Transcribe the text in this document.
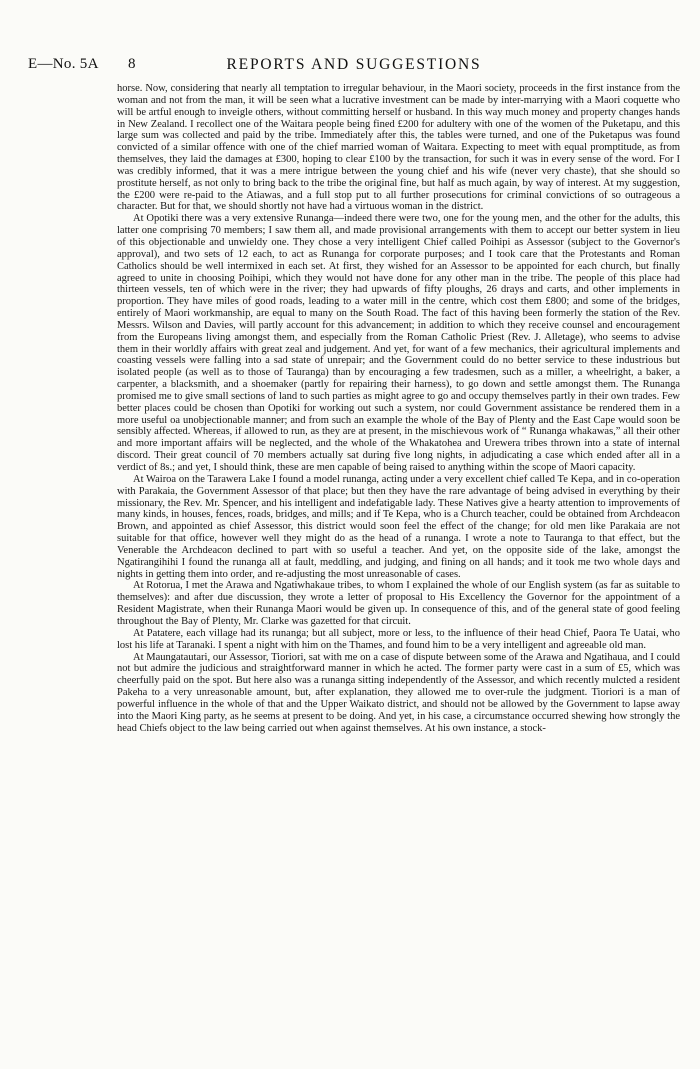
E—No. 5A 8	REPORTS AND SUGGESTIONS

horse. Now, considering that nearly all temptation to irregular behaviour, in the Maori society, proceeds in the first instance from the woman and not from the man, it will be seen what a lucrative investment can be made by inter-marrying with a Maori coquette who will be artful enough to inveigle others, without committing herself or husband. In this way much money and property changes hands in New Zealand. I recollect one of the Waitara people being fined £200 for adultery with one of the women of the Puketapu, and this large sum was collected and paid by the tribe. Immediately after this, the tables were turned, and one of the Puketapus was found convicted of a similar offence with one of the chief married woman of Waitara. Expecting to meet with equal promptitude, as from themselves, they laid the damages at £300, hoping to clear £100 by the transaction, for such it was in every sense of the word. For I was credibly informed, that it was a mere intrigue between the young chief and his wife (never very chaste), that she should so prostitute herself, as not only to bring back to the tribe the original fine, but half as much again, by way of interest. At my suggestion, the £200 were re-paid to the Atiawas, and a full stop put to all further prosecutions for criminal convictions of so outrageous a character. But for that, we should shortly not have had a virtuous woman in the district.

At Opotiki there was a very extensive Runanga—indeed there were two, one for the young men, and the other for the adults, this latter one comprising 70 members; I saw them all, and made provisional arrangements with them to accept our better system in lieu of this objectionable and unwieldy one. They chose a very intelligent Chief called Poihipi as Assessor (subject to the Governor's approval), and two sets of 12 each, to act as Runanga for corporate purposes; and I took care that the Protestants and Roman Catholics should be well intermixed in each set. At first, they wished for an Assessor to be appointed for each church, but finally agreed to unite in choosing Poihipi, which they would not have done for any other man in the tribe. The people of this place had thirteen vessels, ten of which were in the river; they had upwards of fifty ploughs, 26 drays and carts, and other implements in proportion. They have miles of good roads, leading to a water mill in the centre, which cost them £800; and some of the bridges, entirely of Maori workmanship, are equal to many on the South Road. The fact of this having been formerly the station of the Rev. Messrs. Wilson and Davies, will partly account for this advancement; in addition to which they receive counsel and encouragement from the Europeans living amongst them, and especially from the Roman Catholic Priest (Rev. J. Alletage), who seems to advise them in their worldly affairs with great zeal and judgement. And yet, for want of a few mechanics, their agricultural implements and coasting vessels were falling into a sad state of unrepair; and the Government could do no better service to these industrious but isolated people (as well as to those of Tauranga) than by encouraging a few tradesmen, such as a miller, a wheelright, a baker, a carpenter, a blacksmith, and a shoemaker (partly for repairing their harness), to go down and settle amongst them. The Runanga promised me to give small sections of land to such parties as might agree to go and occupy themselves partly in their own trades. Few better places could be chosen than Opotiki for working out such a system, nor could Government assistance be rendered them in a more useful oa unobjectionable manner; and from such an example the whole of the Bay of Plenty and the East Cape would soon be sensibly affected. Whereas, if allowed to run, as they are at present, in the mischievous work of “ Runanga whakawas,” all their other and more important affairs will be neglected, and the whole of the Whakatohea and Urewera tribes thrown into a state of internal discord. Their great council of 70 members actually sat during five long nights, in adjudicating a case which ended after all in a verdict of 8s.; and yet, I should think, these are men capable of being raised to anything within the scope of Maori capacity.

At Wairoa on the Tarawera Lake I found a model runanga, acting under a very excellent chief called Te Kepa, and in co-operation with Parakaia, the Government Assessor of that place; but then they have the rare advantage of being advised in everything by their missionary, the Rev. Mr. Spencer, and his intelligent and indefatigable lady. These Natives give a hearty attention to improvements of many kinds, in houses, fences, roads, bridges, and mills; and if Te Kepa, who is a Church teacher, could be obtained from Archdeacon Brown, and appointed as chief Assessor, this district would soon feel the effect of the change; for old men like Parakaia are not suitable for that office, however well they might do as the head of a runanga. I wrote a note to Tauranga to that effect, but the Venerable the Archdeacon declined to part with so useful a teacher. And yet, on the opposite side of the lake, amongst the Ngatirangihihi I found the runanga all at fault, meddling, and judging, and fining on all hands; and it took me two whole days and nights in getting them into order, and re-adjusting the most unreasonable of cases.

At Rotorua, I met the Arawa and Ngatiwhakaue tribes, to whom I explained the whole of our English system (as far as suitable to themselves): and after due discussion, they wrote a letter of proposal to His Excellency the Governor for the appointment of a Resident Magistrate, when their Runanga Maori would be given up. In consequence of this, and of the general state of good feeling throughout the Bay of Plenty, Mr. Clarke was gazetted for that circuit.

At Patatere, each village had its runanga; but all subject, more or less, to the influence of their head Chief, Paora Te Uatai, who lost his life at Taranaki. I spent a night with him on the Thames, and found him to be a very intelligent and agreeable old man.

At Maungatautari, our Assessor, Tioriori, sat with me on a case of dispute between some of the Arawa and Ngatihaua, and I could not but admire the judicious and straightforward manner in which he acted. The former party were cast in a sum of £5, which was cheerfully paid on the spot. But here also was a runanga sitting independently of the Assessor, and which recently mulcted a resident Pakeha to a very unreasonable amount, but, after explanation, they allowed me to over-rule the judgment. Tioriori is a man of powerful influence in the whole of that and the Upper Waikato district, and should not be allowed by the Government to lapse away into the Maori King party, as he seems at present to be doing. And yet, in his case, a circumstance occurred shewing how strongly the head Chiefs object to the law being carried out when against themselves. At his own instance, a stock-
